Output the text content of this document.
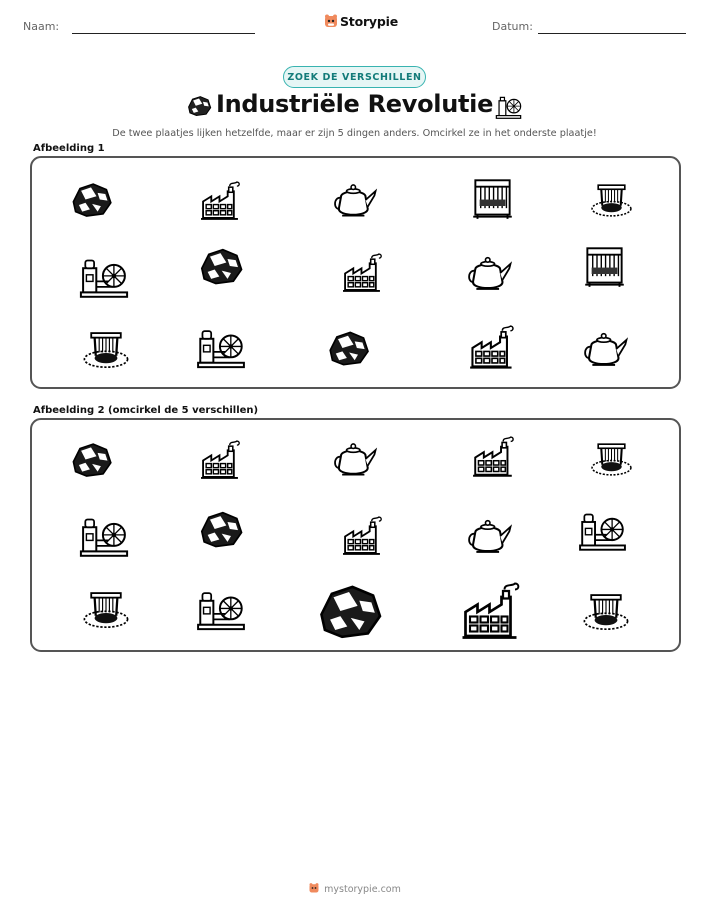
Naam:	Storypie	Datum:
ZOEK DE VERSCHILLEN
Industriële Revolutie
De twee plaatjes lijken hetzelfde, maar er zijn 5 dingen anders. Omcirkel ze in het onderste plaatje!
Afbeelding 1
Afbeelding 2 (omcirkel de 5 verschillen)
mystorypie.com
